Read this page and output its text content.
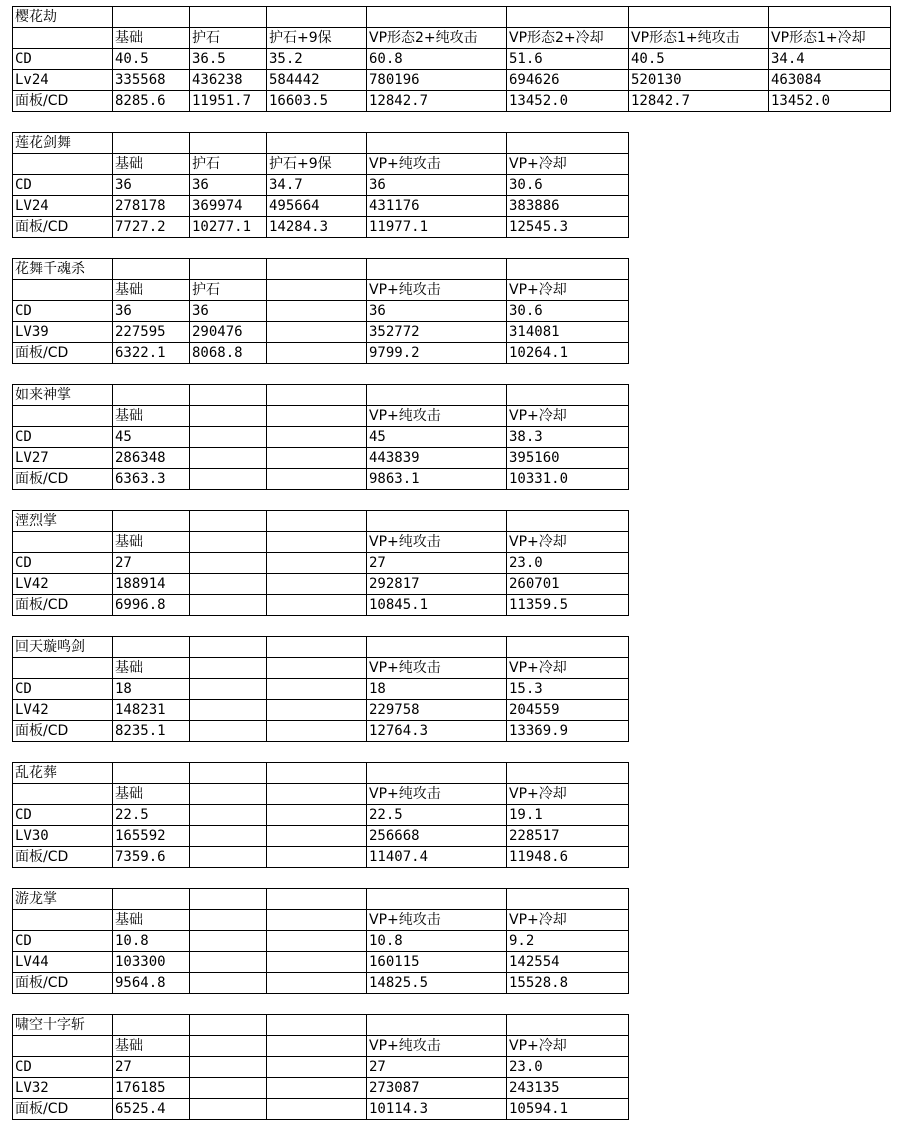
樱花劫							
	基础	护石	护石+9保	VP形态2+纯攻击	VP形态2+冷却	VP形态1+纯攻击	VP形态1+冷却
CD	40.5	36.5	35.2	60.8	51.6	40.5	34.4
Lv24	335568	436238	584442	780196	694626	520130	463084
面板/CD	8285.6	11951.7	16603.5	12842.7	13452.0	12842.7	13452.0
莲花剑舞					
	基础	护石	护石+9保	VP+纯攻击	VP+冷却
CD	36	36	34.7	36	30.6
LV24	278178	369974	495664	431176	383886
面板/CD	7727.2	10277.1	14284.3	11977.1	12545.3
花舞千魂杀					
	基础	护石		VP+纯攻击	VP+冷却
CD	36	36		36	30.6
LV39	227595	290476		352772	314081
面板/CD	6322.1	8068.8		9799.2	10264.1
如来神掌					
	基础			VP+纯攻击	VP+冷却
CD	45			45	38.3
LV27	286348			443839	395160
面板/CD	6363.3			9863.1	10331.0
湮烈掌					
	基础			VP+纯攻击	VP+冷却
CD	27			27	23.0
LV42	188914			292817	260701
面板/CD	6996.8			10845.1	11359.5
回天璇鸣剑					
	基础			VP+纯攻击	VP+冷却
CD	18			18	15.3
LV42	148231			229758	204559
面板/CD	8235.1			12764.3	13369.9
乱花葬					
	基础			VP+纯攻击	VP+冷却
CD	22.5			22.5	19.1
LV30	165592			256668	228517
面板/CD	7359.6			11407.4	11948.6
游龙掌					
	基础			VP+纯攻击	VP+冷却
CD	10.8			10.8	9.2
LV44	103300			160115	142554
面板/CD	9564.8			14825.5	15528.8
啸空十字斩					
	基础			VP+纯攻击	VP+冷却
CD	27			27	23.0
LV32	176185			273087	243135
面板/CD	6525.4			10114.3	10594.1
